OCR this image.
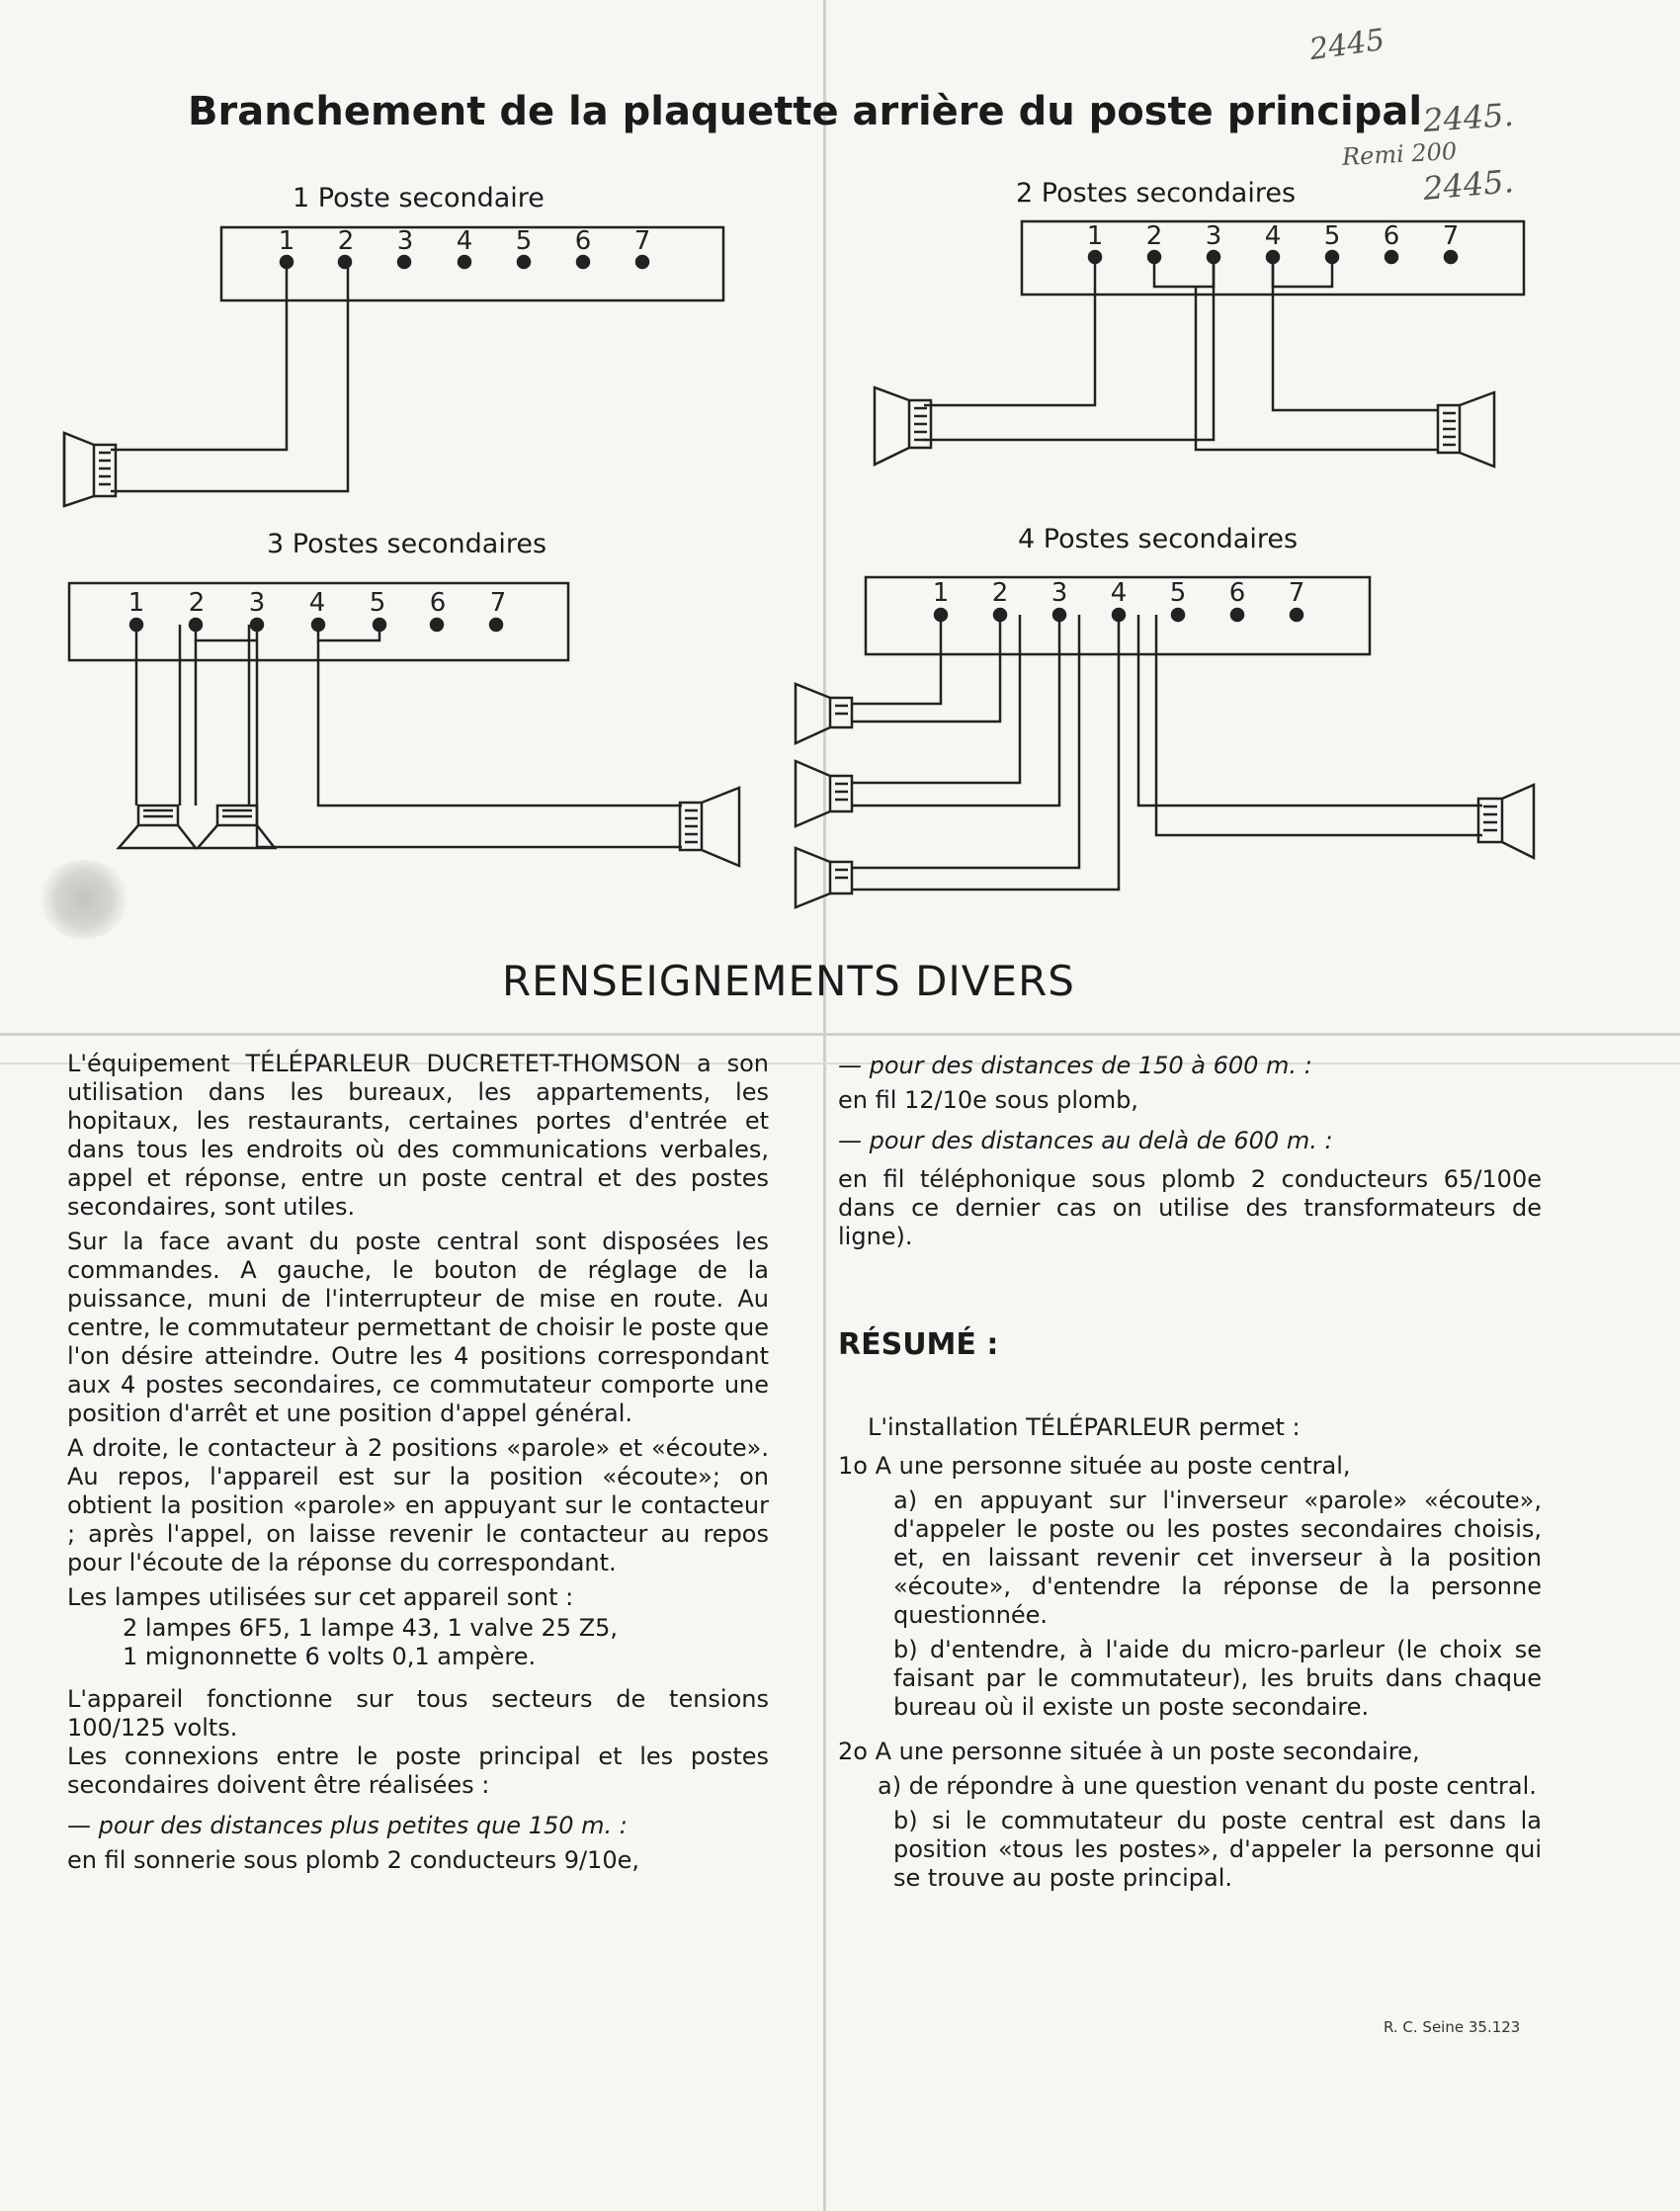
2445
2445.
Remi 200
2445.
Branchement de la plaquette arrière du poste principal
1 Poste secondaire	2 Postes secondaires
3 Postes secondaires	4 Postes secondaires
1 2 3 4 5 6 7	1 2 3 4 5 6 7
1 2 3 4 5 6 7	1 2 3 4 5 6 7
RENSEIGNEMENTS DIVERS

L'équipement TÉLÉPARLEUR DUCRETET-THOMSON a son utilisation dans les bureaux, les appartements, les hopitaux, les restaurants, certaines portes d'entrée et dans tous les endroits où des communications verbales, appel et réponse, entre un poste central et des postes secondaires, sont utiles.

Sur la face avant du poste central sont disposées les commandes. A gauche, le bouton de réglage de la puissance, muni de l'interrupteur de mise en route. Au centre, le commutateur permettant de choisir le poste que l'on désire atteindre. Outre les 4 positions correspondant aux 4 postes secondaires, ce commutateur comporte une position d'arrêt et une position d'appel général.

A droite, le contacteur à 2 positions «parole» et «écoute». Au repos, l'appareil est sur la position «écoute»; on obtient la position «parole» en appuyant sur le contacteur ; après l'appel, on laisse revenir le contacteur au repos pour l'écoute de la réponse du correspondant.

Les lampes utilisées sur cet appareil sont :

2 lampes 6F5, 1 lampe 43, 1 valve 25 Z5,

1 mignonnette 6 volts 0,1 ampère.

L'appareil fonctionne sur tous secteurs de tensions 100/125 volts.

Les connexions entre le poste principal et les postes secondaires doivent être réalisées :

— pour des distances plus petites que 150 m. :

en fil sonnerie sous plomb 2 conducteurs 9/10e,

— pour des distances de 150 à 600 m. :

en fil 12/10e sous plomb,

— pour des distances au delà de 600 m. :

en fil téléphonique sous plomb 2 conducteurs 65/100e dans ce dernier cas on utilise des transformateurs de ligne).

RÉSUMÉ :

L'installation TÉLÉPARLEUR permet :

1o A une personne située au poste central,

a) en appuyant sur l'inverseur «parole» «écoute», d'appeler le poste ou les postes secondaires choisis, et, en laissant revenir cet inverseur à la position «écoute», d'entendre la réponse de la personne questionnée.

b) d'entendre, à l'aide du micro-parleur (le choix se faisant par le commutateur), les bruits dans chaque bureau où il existe un poste secondaire.

2o A une personne située à un poste secondaire,

a) de répondre à une question venant du poste central.

b) si le commutateur du poste central est dans la position «tous les postes», d'appeler la personne qui se trouve au poste principal.

R. C. Seine 35.123
